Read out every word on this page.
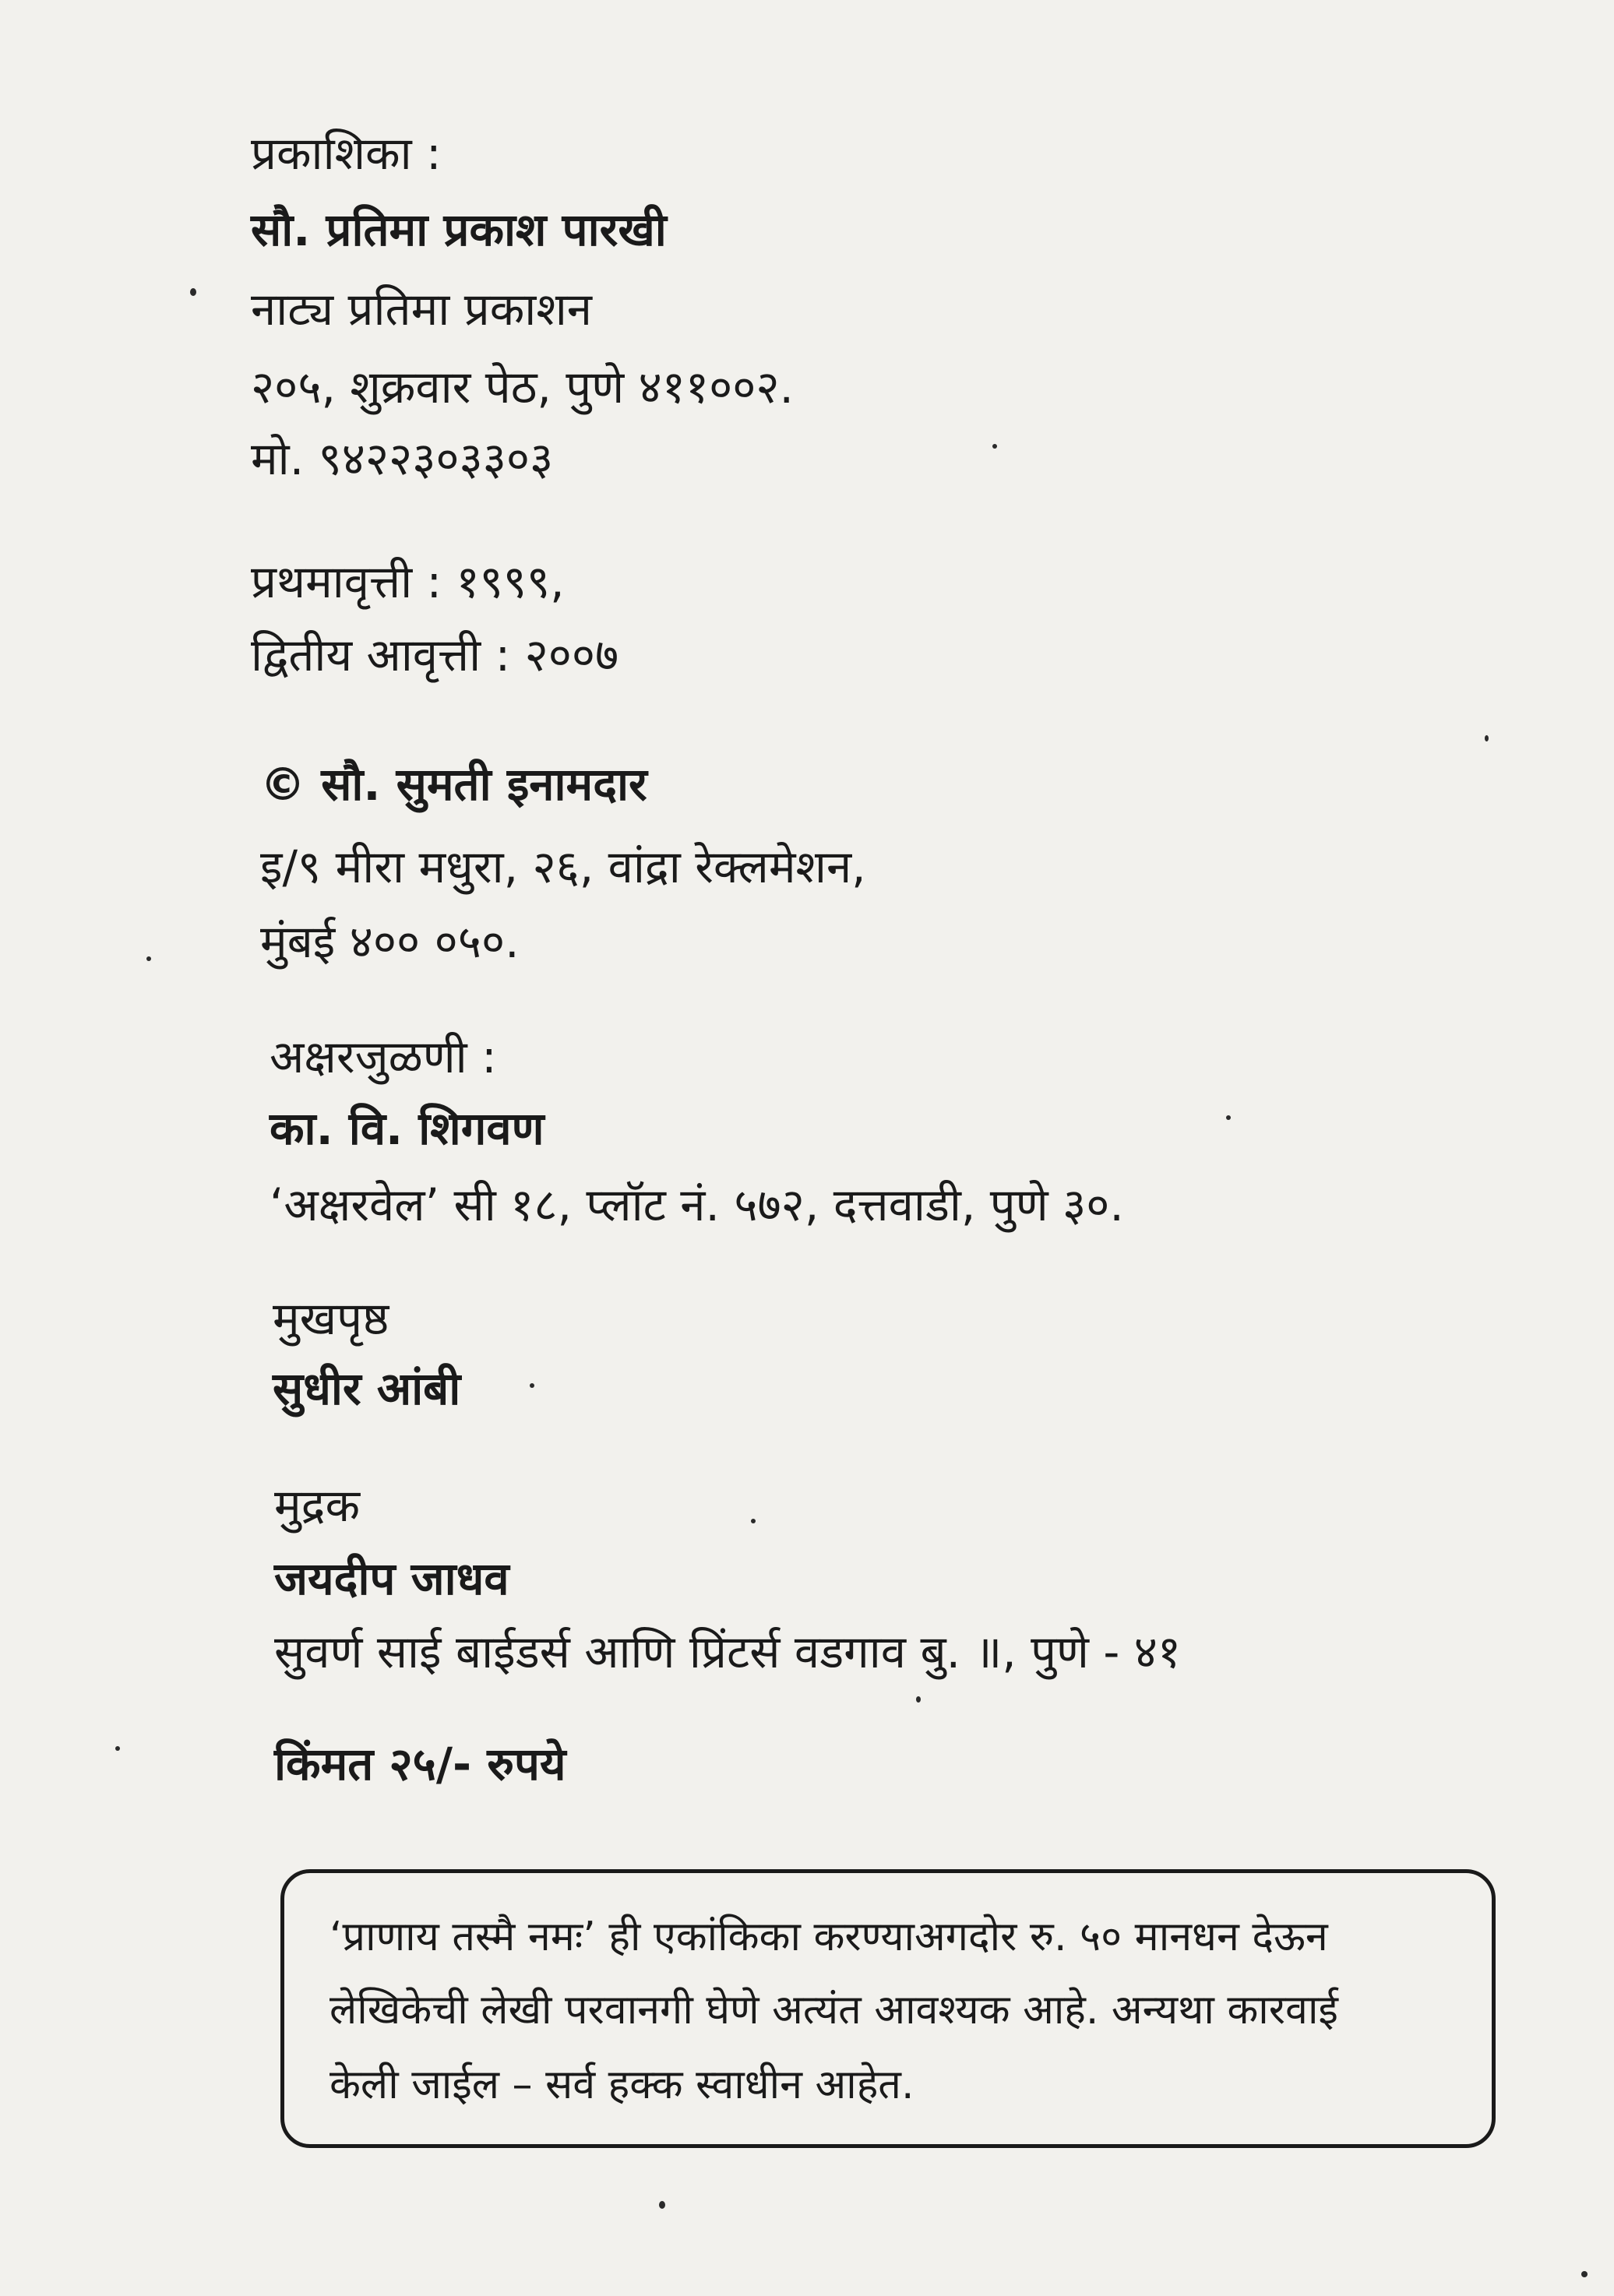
प्रकाशिका :
सौ. प्रतिमा प्रकाश पारखी
नाट्य प्रतिमा प्रकाशन
२०५, शुक्रवार पेठ, पुणे ४११००२.
मो. ९४२२३०३३०३
प्रथमावृत्ती : १९९९,
द्वितीय आवृत्ती : २००७
© सौ. सुमती इनामदार
इ/९ मीरा मधुरा, २६, वांद्रा रेक्लमेशन,
मुंबई ४०० ०५०.
अक्षरजुळणी :
का. वि. शिगवण
‘अक्षरवेल’ सी १८, प्लॉट नं. ५७२, दत्तवाडी, पुणे ३०.
मुखपृष्ठ
सुधीर आंबी
मुद्रक
जयदीप जाधव
सुवर्ण साई बाईडर्स आणि प्रिंटर्स वडगाव बु. ॥, पुणे - ४१
किंमत २५/- रुपये
‘प्राणाय तस्मै नमः’ ही एकांकिका करण्याअगदोर रु. ५० मानधन देऊन
लेखिकेची लेखी परवानगी घेणे अत्यंत आवश्यक आहे. अन्यथा कारवाई
केली जाईल – सर्व हक्क स्वाधीन आहेत.
